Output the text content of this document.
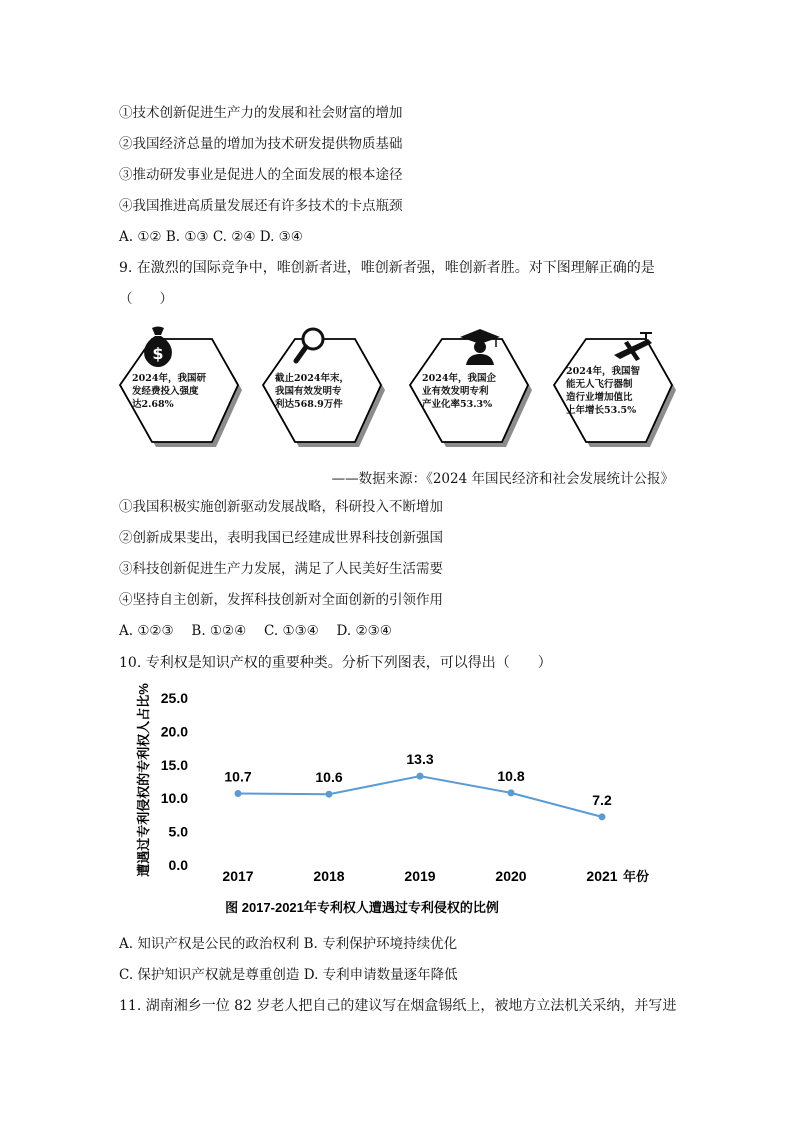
①技术创新促进生产力的发展和社会财富的增加
②我国经济总量的增加为技术研发提供物质基础
③推动研发事业是促进人的全面发展的根本途径
④我国推进高质量发展还有许多技术的卡点瓶颈
A. ①② B. ①③ C. ②④ D. ③④
9. 在激烈的国际竞争中，唯创新者进，唯创新者强，唯创新者胜。对下图理解正确的是
（　　）
$
2024年，我国研
发经费投入强度
达2.68%
截止2024年末，
我国有效发明专
利达568.9万件
2024年，我国企
业有效发明专利
产业化率53.3%
2024年，我国智
能无人飞行器制
造行业增加值比
上年增长53.5%
——数据来源：《2024 年国民经济和社会发展统计公报》
①我国积极实施创新驱动发展战略，科研投入不断增加
②创新成果斐出，表明我国已经建成世界科技创新强国
③科技创新促进生产力发展，满足了人民美好生活需要
④坚持自主创新，发挥科技创新对全面创新的引领作用
A. ①②③　 B. ①②④　 C. ①③④　 D. ②③④
10. 专利权是知识产权的重要种类。分析下列图表，可以得出（　　）
遭遇过专利侵权的专利权人占比% 0.0
5.0
10.0
15.0
20.0
25.0
2017	2018	2019	2020	2021
10.7	10.6
13.3
10.8
7.2
年份
图 2017-2021年专利权人遭遇过专利侵权的比例
A. 知识产权是公民的政治权利 B. 专利保护环境持续优化
C. 保护知识产权就是尊重创造 D. 专利申请数量逐年降低
11. 湖南湘乡一位 82 岁老人把自己的建议写在烟盒锡纸上，被地方立法机关采纳，并写进
